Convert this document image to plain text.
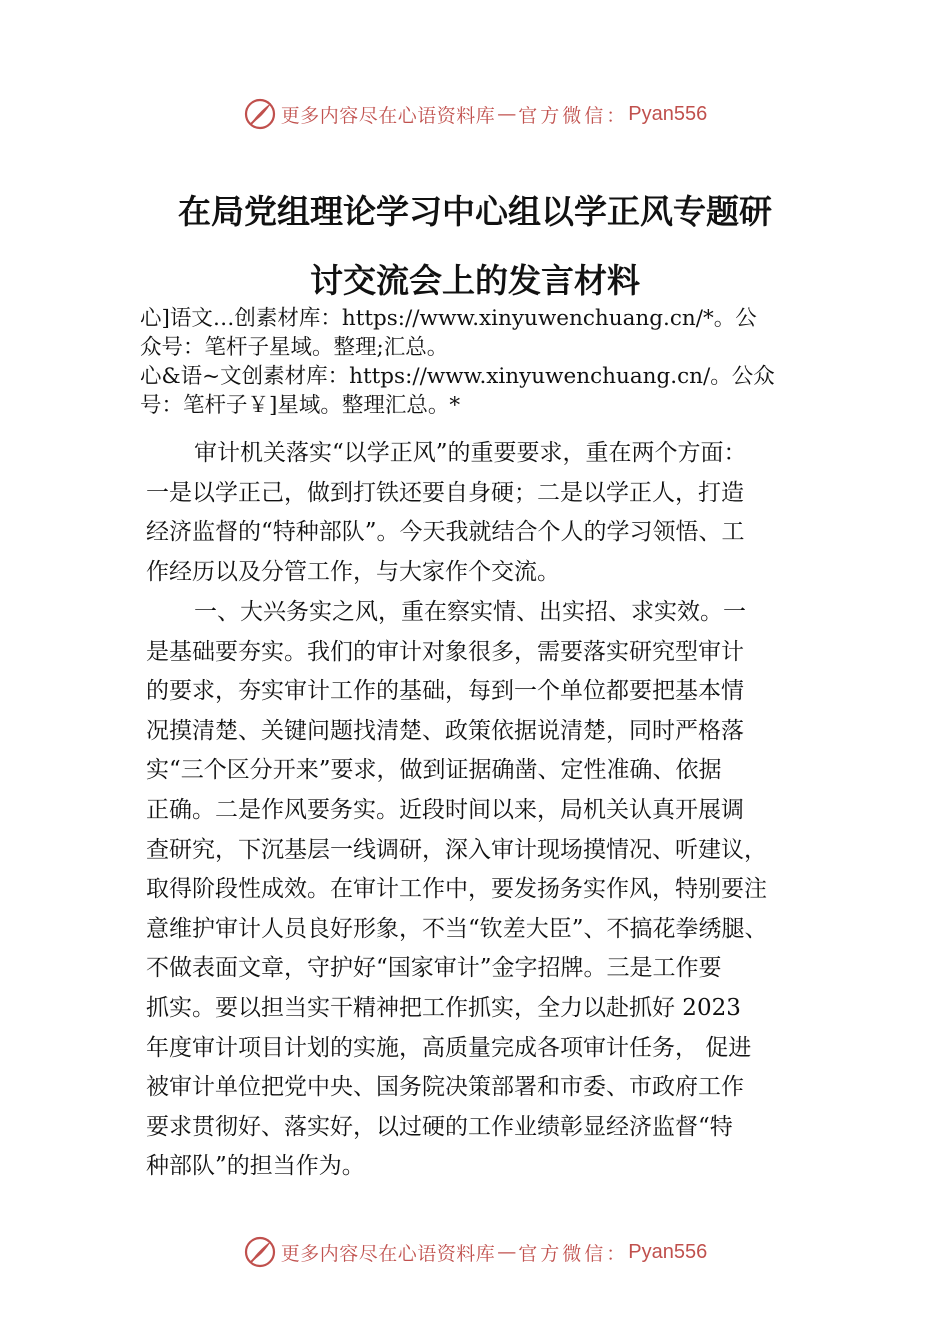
更多内容尽在心语资料库 — 官方微信： Pyan556
在局党组理论学习中心组以学正风专题研
讨交流会上的发言材料
心]语文…创素材库：https://www.xinyuwenchuang.cn/*。公
众号：笔杆子星域。整理;汇总。
心&语~文创素材库：https://www.xinyuwenchuang.cn/。公众
号：笔杆子￥]星域。整理汇总。*
审计机关落实“以学正风”的重要要求，重在两个方面：
一是以学正己，做到打铁还要自身硬；二是以学正人，打造
经济监督的“特种部队”。今天我就结合个人的学习领悟、工
作经历以及分管工作，与大家作个交流。
一、大兴务实之风，重在察实情、出实招、求实效。一
是基础要夯实。我们的审计对象很多，需要落实研究型审计
的要求，夯实审计工作的基础，每到一个单位都要把基本情
况摸清楚、关键问题找清楚、政策依据说清楚，同时严格落
实“三个区分开来”要求，做到证据确凿、定性准确、依据
正确。二是作风要务实。近段时间以来，局机关认真开展调
查研究，下沉基层一线调研，深入审计现场摸情况、听建议，
取得阶段性成效。在审计工作中，要发扬务实作风，特别要注
意维护审计人员良好形象，不当“钦差大臣”、不搞花拳绣腿、
不做表面文章，守护好“国家审计”金字招牌。三是工作要
抓实。要以担当实干精神把工作抓实，全力以赴抓好 2023
年度审计项目计划的实施，高质量完成各项审计任务， 促进
被审计单位把党中央、国务院决策部署和市委、市政府工作
要求贯彻好、落实好，以过硬的工作业绩彰显经济监督“特
种部队”的担当作为。
更多内容尽在心语资料库 — 官方微信： Pyan556
